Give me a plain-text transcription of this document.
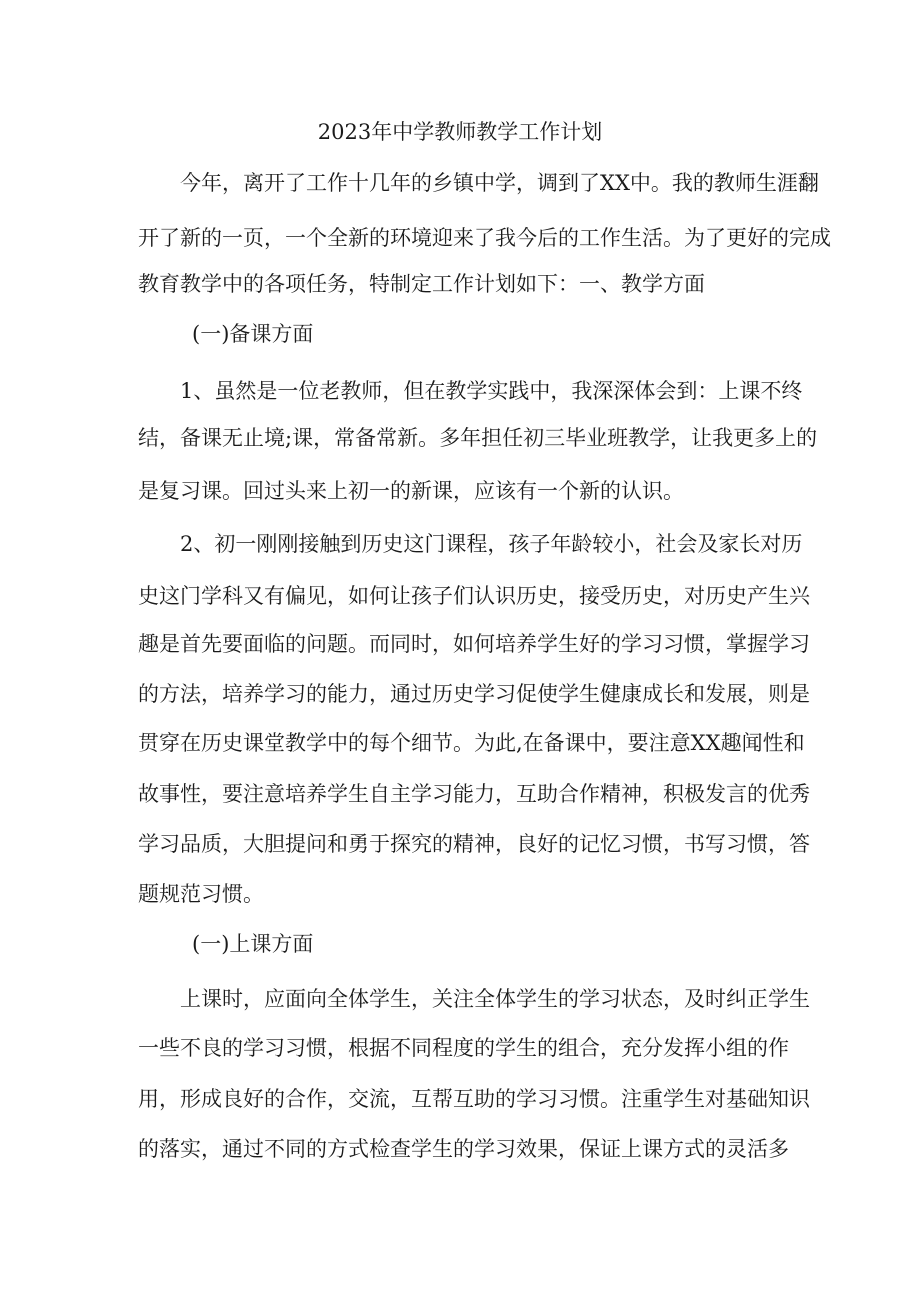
2023年中学教师教学工作计划
今年，离开了工作十几年的乡镇中学，调到了XX中。我的教师生涯翻
开了新的一页，一个全新的环境迎来了我今后的工作生活。为了更好的完成
教育教学中的各项任务，特制定工作计划如下：一、教学方面
(一)备课方面
1、虽然是一位老教师，但在教学实践中，我深深体会到：上课不终
结，备课无止境;课，常备常新。多年担任初三毕业班教学，让我更多上的
是复习课。回过头来上初一的新课，应该有一个新的认识。
2、初一刚刚接触到历史这门课程，孩子年龄较小，社会及家长对历
史这门学科又有偏见，如何让孩子们认识历史，接受历史，对历史产生兴
趣是首先要面临的问题。而同时，如何培养学生好的学习习惯，掌握学习
的方法，培养学习的能力，通过历史学习促使学生健康成长和发展，则是
贯穿在历史课堂教学中的每个细节。为此,在备课中，要注意XX趣闻性和
故事性，要注意培养学生自主学习能力，互助合作精神，积极发言的优秀
学习品质，大胆提问和勇于探究的精神，良好的记忆习惯，书写习惯，答
题规范习惯。
(一)上课方面
上课时，应面向全体学生，关注全体学生的学习状态，及时纠正学生
一些不良的学习习惯，根据不同程度的学生的组合，充分发挥小组的作
用，形成良好的合作，交流，互帮互助的学习习惯。注重学生对基础知识
的落实，通过不同的方式检查学生的学习效果，保证上课方式的灵活多
